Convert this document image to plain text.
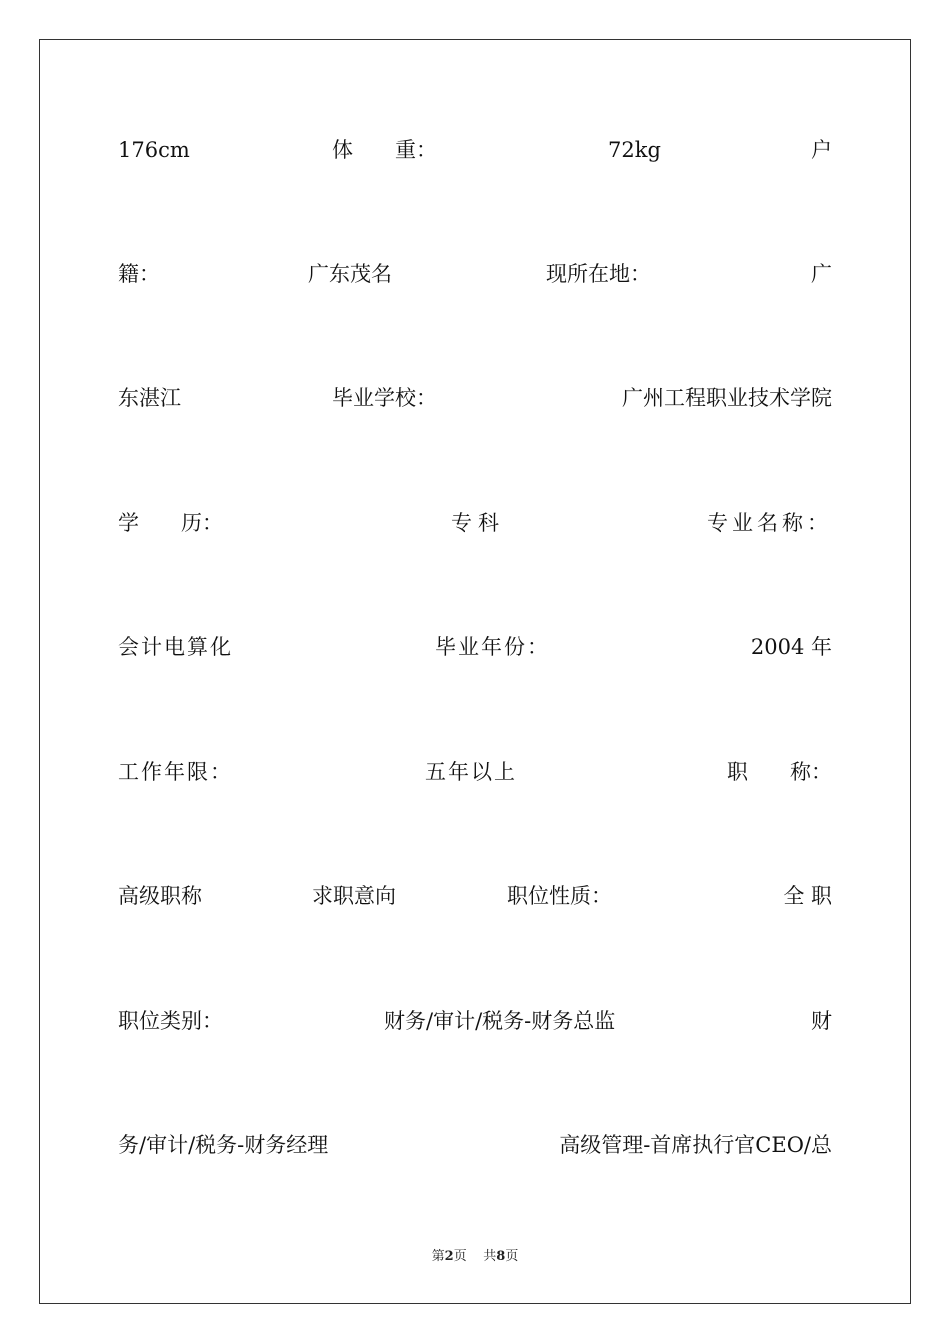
176cm	体　　重：	72kg	户
籍：	广东茂名	现所在地：	广
东湛江	毕业学校：	广州工程职业技术学院
学　　历：	专科	专业名称：
会计电算化	毕业年份：	2004 年
工作年限：	五年以上	职　　称：
高级职称	求职意向	职位性质：	全 职
职位类别：	财务/审计/税务-财务总监	财
务/审计/税务-财务经理	高级管理-首席执行官CEO/总
第2页 共8页
